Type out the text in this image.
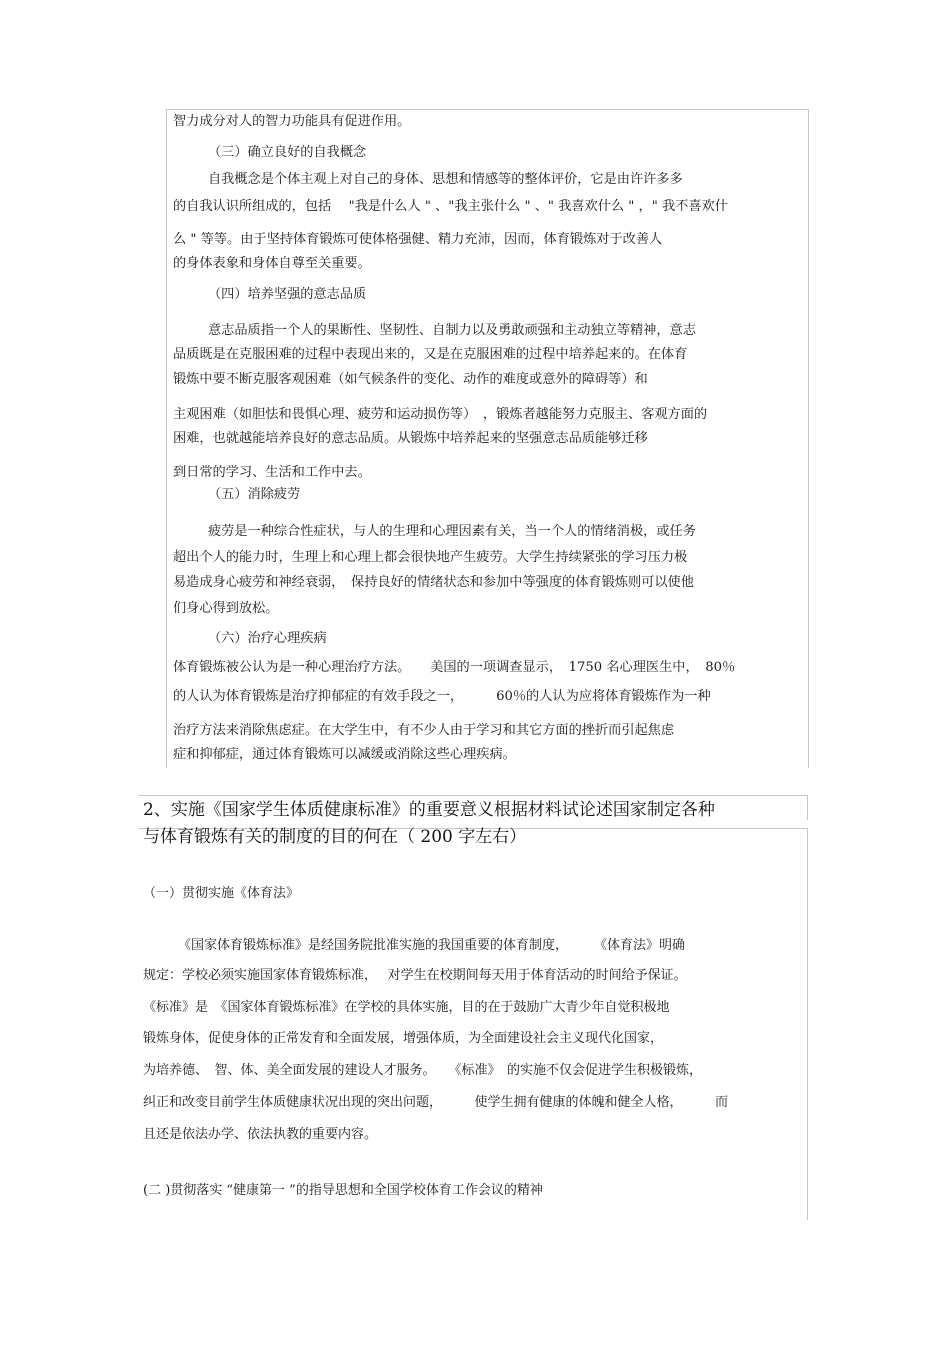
智力成分对人的智力功能具有促进作用。
（三）确立良好的自我概念
自我概念是个体主观上对自己的身体、思想和情感等的整体评价，它是由许许多多
的自我认识所组成的，包括　 "我是什么人 " 、"我主张什么 " 、" 我喜欢什么 " ，" 我不喜欢什
么 " 等等。由于坚持体育锻炼可使体格强健、精力充沛，因而，体育锻炼对于改善人
的身体表象和身体自尊至关重要。
（四）培养坚强的意志品质
意志品质指一个人的果断性、坚韧性、自制力以及勇敢顽强和主动独立等精神，意志
品质既是在克服困难的过程中表现出来的，又是在克服困难的过程中培养起来的。在体育
锻炼中要不断克服客观困难（如气候条件的变化、动作的难度或意外的障碍等）和
主观困难（如胆怯和畏惧心理、疲劳和运动损伤等）　，锻炼者越能努力克服主、客观方面的
困难，也就越能培养良好的意志品质。从锻炼中培养起来的坚强意志品质能够迁移
到日常的学习、生活和工作中去。
（五）消除疲劳
疲劳是一种综合性症状，与人的生理和心理因素有关，当一个人的情绪消极，或任务
超出个人的能力时，生理上和心理上都会很快地产生疲劳。大学生持续紧张的学习压力极
易造成身心疲劳和神经衰弱，　保持良好的情绪状态和参加中等强度的体育锻炼则可以使他
们身心得到放松。
（六）治疗心理疾病
体育锻炼被公认为是一种心理治疗方法。　　美国的一项调查显示，　1750 名心理医生中，　80％
的人认为体育锻炼是治疗抑郁症的有效手段之一，　　　60％的人认为应将体育锻炼作为一种
治疗方法来消除焦虑症。在大学生中，有不少人由于学习和其它方面的挫折而引起焦虑
症和抑郁症，通过体育锻炼可以减缓或消除这些心理疾病。
2、实施《国家学生体质健康标准》的重要意义根据材料试论述国家制定各种
与体育锻炼有关的制度的目的何在（ 200 字左右）
（一）贯彻实施《体育法》
《国家体育锻炼标准》是经国务院批准实施的我国重要的体育制度，　　　《体育法》明确
规定：学校必须实施国家体育锻炼标准，　 对学生在校期间每天用于体育活动的时间给予保证。
《标准》是　《国家体育锻炼标准》在学校的具体实施，目的在于鼓励广大青少年自觉积极地
锻炼身体，促使身体的正常发育和全面发展，增强体质，为全面建设社会主义现代化国家，
为培养德、　智、体、美全面发展的建设人才服务。　　《标准》　的实施不仅会促进学生积极锻炼，
纠正和改变目前学生体质健康状况出现的突出问题，　　　使学生拥有健康的体魄和健全人格，　　　而
且还是依法办学、依法执教的重要内容。
(二 )贯彻落实 “健康第一 ”的指导思想和全国学校体育工作会议的精神
